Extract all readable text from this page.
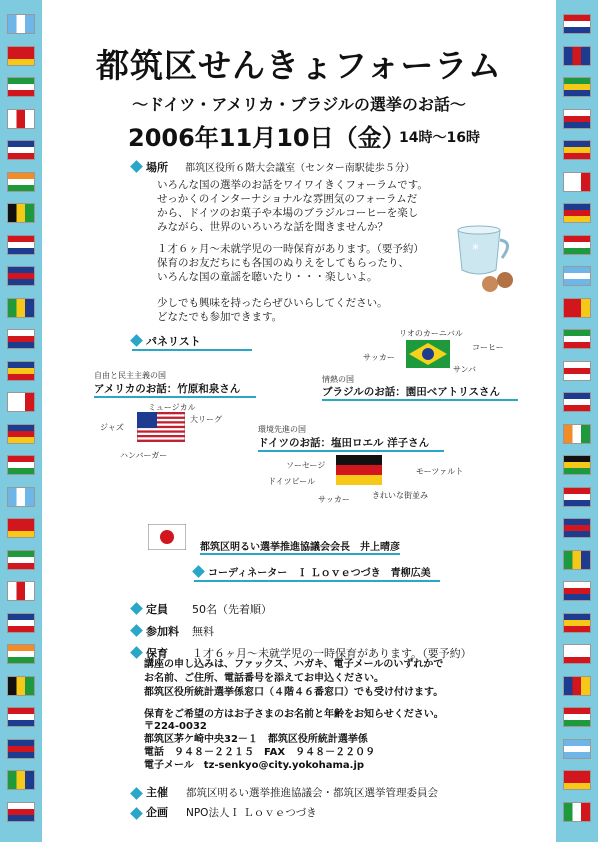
都筑区せんきょフォーラム
～ドイツ・アメリカ・ブラジルの選挙のお話～
2006年11月10日（金）
14時～16時
場所 都筑区役所６階大会議室（センター南駅徒歩５分）
いろんな国の選挙のお話をワイワイきくフォーラムです。
せっかくのインターナショナルな雰囲気のフォーラムだ
から、ドイツのお菓子や本場のブラジルコーヒーを楽し
みながら、世界のいろいろな話を聞きませんか？
１才６ヶ月～未就学児の一時保育があります。（要予約）
保育のお友だちにも各国のぬりえをしてもらったり、
いろんな国の童謡を聴いたり・・・楽しいよ。
少しでも興味を持ったらぜひいらしてください。
どなたでも参加できます。
*
パネリスト
リオのカーニバル
コーヒー
サッカー
サンバ
情熱の国
ブラジルのお話：園田ベアトリスさん
自由と民主主義の国
アメリカのお話：竹原和泉さん
ミュージカル
大リーグ
ジャズ
ハンバーガー
環境先進の国
ドイツのお話：塩田ロエル 洋子さん
ソーセージ
モーツァルト
ドイツビール
サッカー	きれいな街並み
都筑区明るい選挙推進協議会会長　井上晴彦
コーディネーター　Ｉ Ｌｏｖｅつづき　青柳広美
定員 50名（先着順）
参加料 無料
保育 １才６ヶ月～未就学児の一時保育があります。（要予約）
講座の申し込みは、ファックス、ハガキ、電子メールのいずれかで
お名前、ご住所、電話番号を添えてお申込ください。
都筑区役所統計選挙係窓口（４階４６番窓口）でも受け付けます。
保育をご希望の方はお子さまのお名前と年齢をお知らせください。
〒224-0032
都筑区茅ケ崎中央32－１　都筑区役所統計選挙係
電話　９４８－２２１５　FAX　９４８－２２０９
電子メール　tz-senkyo@city.yokohama.jp
主催 都筑区明るい選挙推進協議会・都筑区選挙管理委員会
企画 NPO法人Ｉ Ｌｏｖｅつづき
